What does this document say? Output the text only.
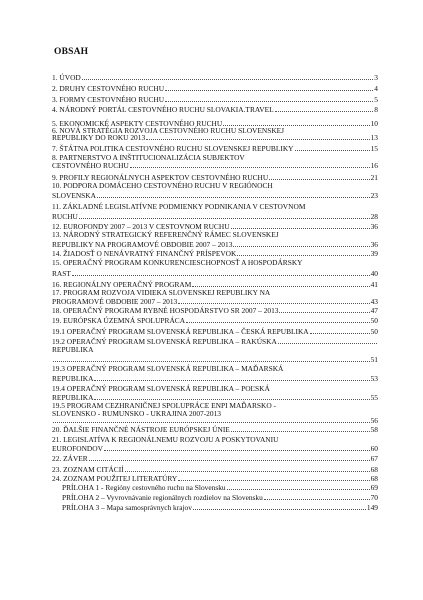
OBSAH
1. ÚVOD	3
2. DRUHY CESTOVNÉHO RUCHU	4
3. FORMY CESTOVNÉHO RUCHU	5
4. NÁRODNÝ PORTÁL CESTOVNÉHO RUCHU SLOVAKIA.TRAVEL	8
5. EKONOMICKÉ ASPEKTY CESTOVNÉHO RUCHU	10
6. NOVÁ STRATÉGIA ROZVOJA CESTOVNÉHO RUCHU SLOVENSKEJ
REPUBLIKY DO ROKU 2013	13
7. ŠTÁTNA POLITIKA CESTOVNÉHO RUCHU SLOVENSKEJ REPUBLIKY	15
8. PARTNERSTVO A INŠTITUCIONALIZÁCIA SUBJEKTOV
CESTOVNÉHO RUCHU	16
9. PROFILY REGIONÁLNYCH ASPEKTOV CESTOVNÉHO RUCHU	21
10. PODPORA DOMÁCEHO CESTOVNÉHO RUCHU V REGIÓNOCH
SLOVENSKA	23
11. ZÁKLADNÉ LEGISLATÍVNE PODMIENKY PODNIKANIA V CESTOVNOM
RUCHU	28
12. EUROFONDY 2007 – 2013 V CESTOVNOM RUCHU	36
13. NÁRODNÝ STRATEGICKÝ REFERENČNÝ RÁMEC SLOVENSKEJ
REPUBLIKY NA PROGRAMOVÉ OBDOBIE 2007 – 2013	36
14. ŽIADOSŤ O NENÁVRATNÝ FINANČNÝ PRÍSPEVOK	39
15. OPERAČNÝ PROGRAM KONKURENCIESCHOPNOSŤ A HOSPODÁRSKY
RAST	40
16. REGIONÁLNY OPERAČNÝ PROGRAM	41
17. PROGRAM ROZVOJA VIDIEKA SLOVENSKEJ REPUBLIKY NA
PROGRAMOVÉ OBDOBIE 2007 – 2013	43
18. OPERAČNÝ PROGRAM RYBNÉ HOSPODÁRSTVO SR 2007 – 2013	47
19. EURÓPSKA ÚZEMNÁ SPOLUPRÁCA	50
19.1 OPERAČNÝ PROGRAM SLOVENSKÁ REPUBLIKA – ČESKÁ REPUBLIKA	50
19.2 OPERAČNÝ PROGRAM SLOVENSKÁ REPUBLIKA – RAKÚSKA
REPUBLIKA
51
19.3 OPERAČNÝ PROGRAM SLOVENSKÁ REPUBLIKA – MAĎARSKÁ
REPUBLIKA	53
19.4 OPERAČNÝ PROGRAM SLOVENSKÁ REPUBLIKA – POĽSKÁ
REPUBLIKA	55
19.5 PROGRAM CEZHRANIČNEJ SPOLUPRÁCE ENPI MAĎARSKO -
SLOVENSKO - RUMUNSKO - UKRAJINA 2007-2013
56
20. ĎALŠIE FINANČNÉ NÁSTROJE EURÓPSKEJ ÚNIE	58
21. LEGISLATÍVA K REGIONÁLNEMU ROZVOJU A POSKYTOVANIU
EUROFONDOV	60
22. ZÁVER	67
23. ZOZNAM CITÁCIÍ	68
24. ZOZNAM POUŽITEJ LITERATÚRY	68
PRÍLOHA 1 - Regióny cestovného ruchu na Slovensku	69
PRÍLOHA 2 – Vyvrovnávanie regionálnych rozdielov na Slovensku	70
PRÍLOHA 3 – Mapa samosprávnych krajov	149
